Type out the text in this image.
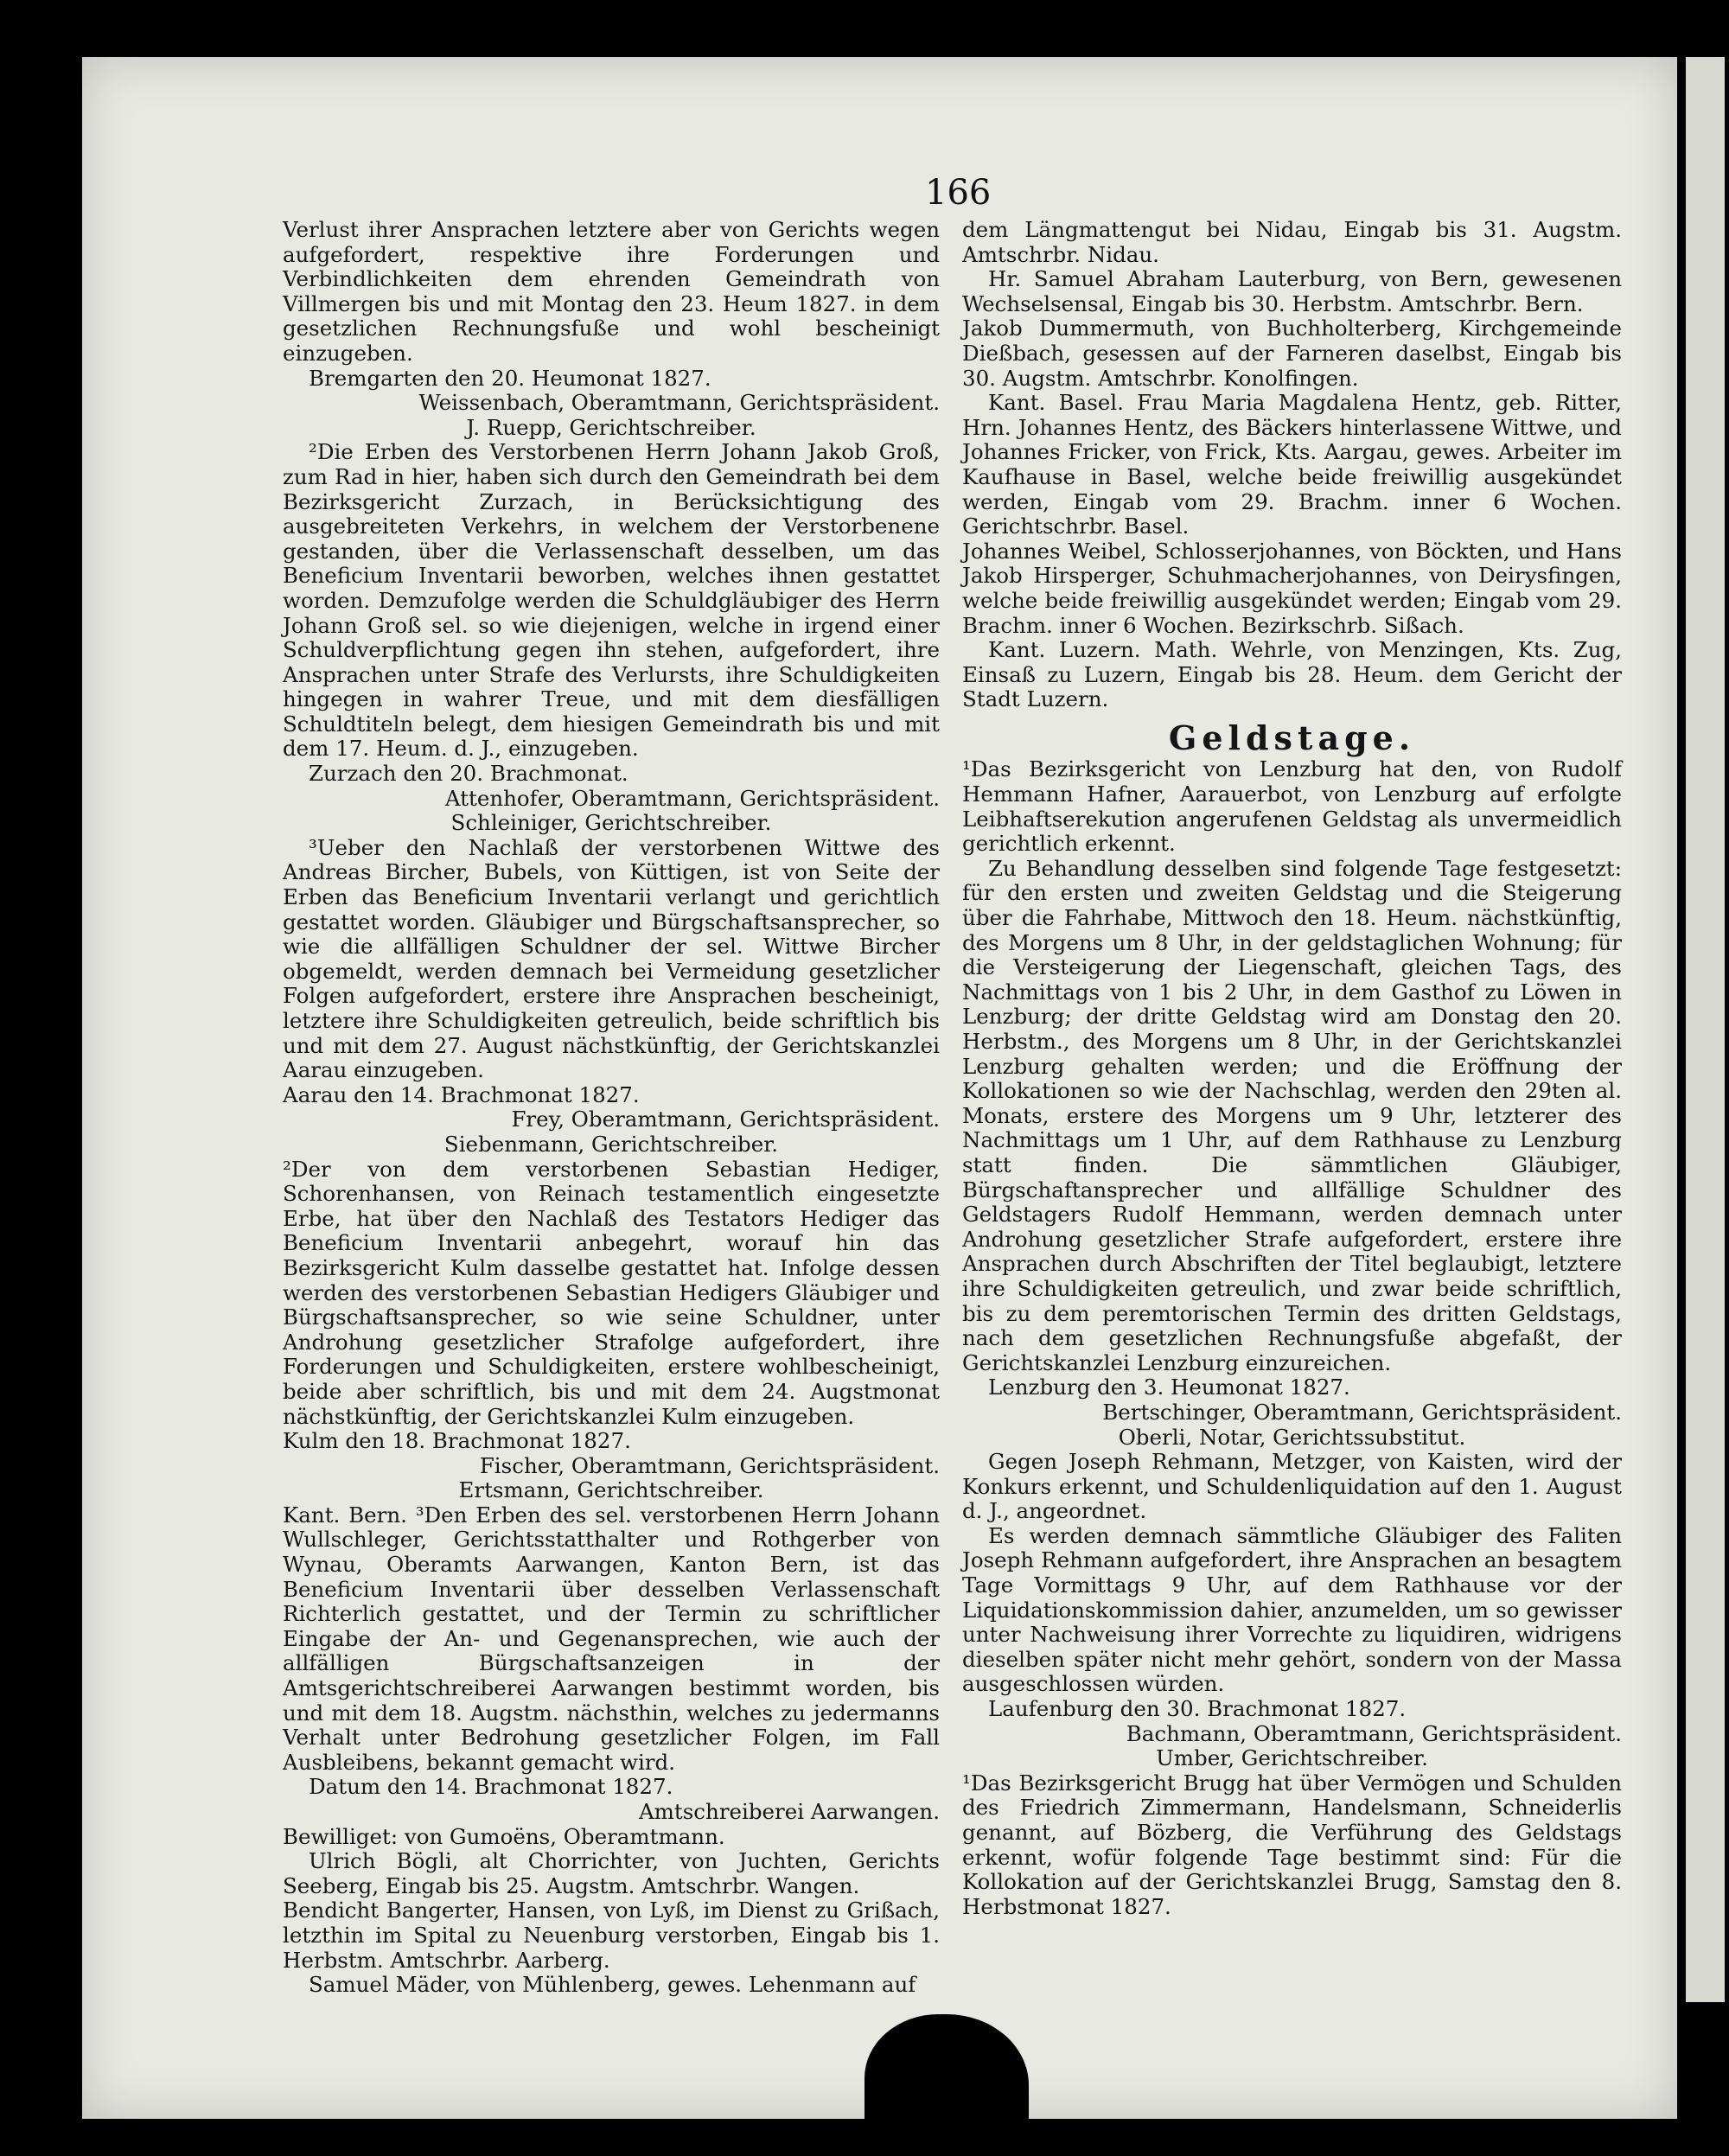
166

Verlust ihrer Ansprachen letztere aber von Gerichts wegen aufgefordert, respektive ihre Forderungen und Verbindlichkeiten dem ehrenden Gemeindrath von Villmergen bis und mit Montag den 23. Heum 1827. in dem gesetzlichen Rechnungsfuße und wohl bescheinigt einzugeben.

Bremgarten den 20. Heumonat 1827.

Weissenbach, Oberamtmann, Gerichtspräsident.

J. Ruepp, Gerichtschreiber.

²Die Erben des Verstorbenen Herrn Johann Jakob Groß, zum Rad in hier, haben sich durch den Gemeindrath bei dem Bezirksgericht Zurzach, in Berücksichtigung des ausgebreiteten Verkehrs, in welchem der Verstorbenene gestanden, über die Verlassenschaft desselben, um das Beneficium Inventarii beworben, welches ihnen gestattet worden. Demzufolge werden die Schuldgläubiger des Herrn Johann Groß sel. so wie diejenigen, welche in irgend einer Schuldverpflichtung gegen ihn stehen, aufgefordert, ihre Ansprachen unter Strafe des Verlursts, ihre Schuldigkeiten hingegen in wahrer Treue, und mit dem diesfälligen Schuldtiteln belegt, dem hiesigen Gemeindrath bis und mit dem 17. Heum. d. J., einzugeben.

Zurzach den 20. Brachmonat.

Attenhofer, Oberamtmann, Gerichtspräsident.

Schleiniger, Gerichtschreiber.

³Ueber den Nachlaß der verstorbenen Wittwe des Andreas Bircher, Bubels, von Küttigen, ist von Seite der Erben das Beneficium Inventarii verlangt und gerichtlich gestattet worden. Gläubiger und Bürgschaftsansprecher, so wie die allfälligen Schuldner der sel. Wittwe Bircher obgemeldt, werden demnach bei Vermeidung gesetzlicher Folgen aufgefordert, erstere ihre Ansprachen bescheinigt, letztere ihre Schuldigkeiten getreulich, beide schriftlich bis und mit dem 27. August nächstkünftig, der Gerichtskanzlei Aarau einzugeben.

Aarau den 14. Brachmonat 1827.

Frey, Oberamtmann, Gerichtspräsident.

Siebenmann, Gerichtschreiber.

²Der von dem verstorbenen Sebastian Hediger, Schorenhansen, von Reinach testamentlich eingesetzte Erbe, hat über den Nachlaß des Testators Hediger das Beneficium Inventarii anbegehrt, worauf hin das Bezirksgericht Kulm dasselbe gestattet hat. Infolge dessen werden des verstorbenen Sebastian Hedigers Gläubiger und Bürgschaftsansprecher, so wie seine Schuldner, unter Androhung gesetzlicher Strafolge aufgefordert, ihre Forderungen und Schuldigkeiten, erstere wohlbescheinigt, beide aber schriftlich, bis und mit dem 24. Augstmonat nächstkünftig, der Gerichtskanzlei Kulm einzugeben.

Kulm den 18. Brachmonat 1827.

Fischer, Oberamtmann, Gerichtspräsident.

Ertsmann, Gerichtschreiber.

Kant. Bern. ³Den Erben des sel. verstorbenen Herrn Johann Wullschleger, Gerichtsstatthalter und Rothgerber von Wynau, Oberamts Aarwangen, Kanton Bern, ist das Beneficium Inventarii über desselben Verlassenschaft Richterlich gestattet, und der Termin zu schriftlicher Eingabe der An- und Gegenansprechen, wie auch der allfälligen Bürgschaftsanzeigen in der Amtsgerichtschreiberei Aarwangen bestimmt worden, bis und mit dem 18. Augstm. nächsthin, welches zu jedermanns Verhalt unter Bedrohung gesetzlicher Folgen, im Fall Ausbleibens, bekannt gemacht wird.

Datum den 14. Brachmonat 1827.

Amtschreiberei Aarwangen.

Bewilliget: von Gumoëns, Oberamtmann.

Ulrich Bögli, alt Chorrichter, von Juchten, Gerichts Seeberg, Eingab bis 25. Augstm. Amtschrbr. Wangen.

Bendicht Bangerter, Hansen, von Lyß, im Dienst zu Grißach, letzthin im Spital zu Neuenburg verstorben, Eingab bis 1. Herbstm. Amtschrbr. Aarberg.

Samuel Mäder, von Mühlenberg, gewes. Lehenmann auf

dem Längmattengut bei Nidau, Eingab bis 31. Augstm. Amtschrbr. Nidau.

Hr. Samuel Abraham Lauterburg, von Bern, gewesenen Wechselsensal, Eingab bis 30. Herbstm. Amtschrbr. Bern.

Jakob Dummermuth, von Buchholterberg, Kirchgemeinde Dießbach, gesessen auf der Farneren daselbst, Eingab bis 30. Augstm. Amtschrbr. Konolfingen.

Kant. Basel. Frau Maria Magdalena Hentz, geb. Ritter, Hrn. Johannes Hentz, des Bäckers hinterlassene Wittwe, und Johannes Fricker, von Frick, Kts. Aargau, gewes. Arbeiter im Kaufhause in Basel, welche beide freiwillig ausgekündet werden, Eingab vom 29. Brachm. inner 6 Wochen. Gerichtschrbr. Basel.

Johannes Weibel, Schlosserjohannes, von Böckten, und Hans Jakob Hirsperger, Schuhmacherjohannes, von Deirysfingen, welche beide freiwillig ausgekündet werden; Eingab vom 29. Brachm. inner 6 Wochen. Bezirkschrb. Sißach.

Kant. Luzern. Math. Wehrle, von Menzingen, Kts. Zug, Einsaß zu Luzern, Eingab bis 28. Heum. dem Gericht der Stadt Luzern.

Geldstage.

¹Das Bezirksgericht von Lenzburg hat den, von Rudolf Hemmann Hafner, Aarauerbot, von Lenzburg auf erfolgte Leibhaftserekution angerufenen Geldstag als unvermeidlich gerichtlich erkennt.

Zu Behandlung desselben sind folgende Tage festgesetzt: für den ersten und zweiten Geldstag und die Steigerung über die Fahrhabe, Mittwoch den 18. Heum. nächstkünftig, des Morgens um 8 Uhr, in der geldstaglichen Wohnung; für die Versteigerung der Liegenschaft, gleichen Tags, des Nachmittags von 1 bis 2 Uhr, in dem Gasthof zu Löwen in Lenzburg; der dritte Geldstag wird am Donstag den 20. Herbstm., des Morgens um 8 Uhr, in der Gerichtskanzlei Lenzburg gehalten werden; und die Eröffnung der Kollokationen so wie der Nachschlag, werden den 29ten al. Monats, erstere des Morgens um 9 Uhr, letzterer des Nachmittags um 1 Uhr, auf dem Rathhause zu Lenzburg statt finden. Die sämmtlichen Gläubiger, Bürgschaftansprecher und allfällige Schuldner des Geldstagers Rudolf Hemmann, werden demnach unter Androhung gesetzlicher Strafe aufgefordert, erstere ihre Ansprachen durch Abschriften der Titel beglaubigt, letztere ihre Schuldigkeiten getreulich, und zwar beide schriftlich, bis zu dem peremtorischen Termin des dritten Geldstags, nach dem gesetzlichen Rechnungsfuße abgefaßt, der Gerichtskanzlei Lenzburg einzureichen.

Lenzburg den 3. Heumonat 1827.

Bertschinger, Oberamtmann, Gerichtspräsident.

Oberli, Notar, Gerichtssubstitut.

Gegen Joseph Rehmann, Metzger, von Kaisten, wird der Konkurs erkennt, und Schuldenliquidation auf den 1. August d. J., angeordnet.

Es werden demnach sämmtliche Gläubiger des Faliten Joseph Rehmann aufgefordert, ihre Ansprachen an besagtem Tage Vormittags 9 Uhr, auf dem Rathhause vor der Liquidationskommission dahier, anzumelden, um so gewisser unter Nachweisung ihrer Vorrechte zu liquidiren, widrigens dieselben später nicht mehr gehört, sondern von der Massa ausgeschlossen würden.

Laufenburg den 30. Brachmonat 1827.

Bachmann, Oberamtmann, Gerichtspräsident.

Umber, Gerichtschreiber.

¹Das Bezirksgericht Brugg hat über Vermögen und Schulden des Friedrich Zimmermann, Handelsmann, Schneiderlis genannt, auf Bözberg, die Verführung des Geldstags erkennt, wofür folgende Tage bestimmt sind: Für die Kollokation auf der Gerichtskanzlei Brugg, Samstag den 8. Herbstmonat 1827.
